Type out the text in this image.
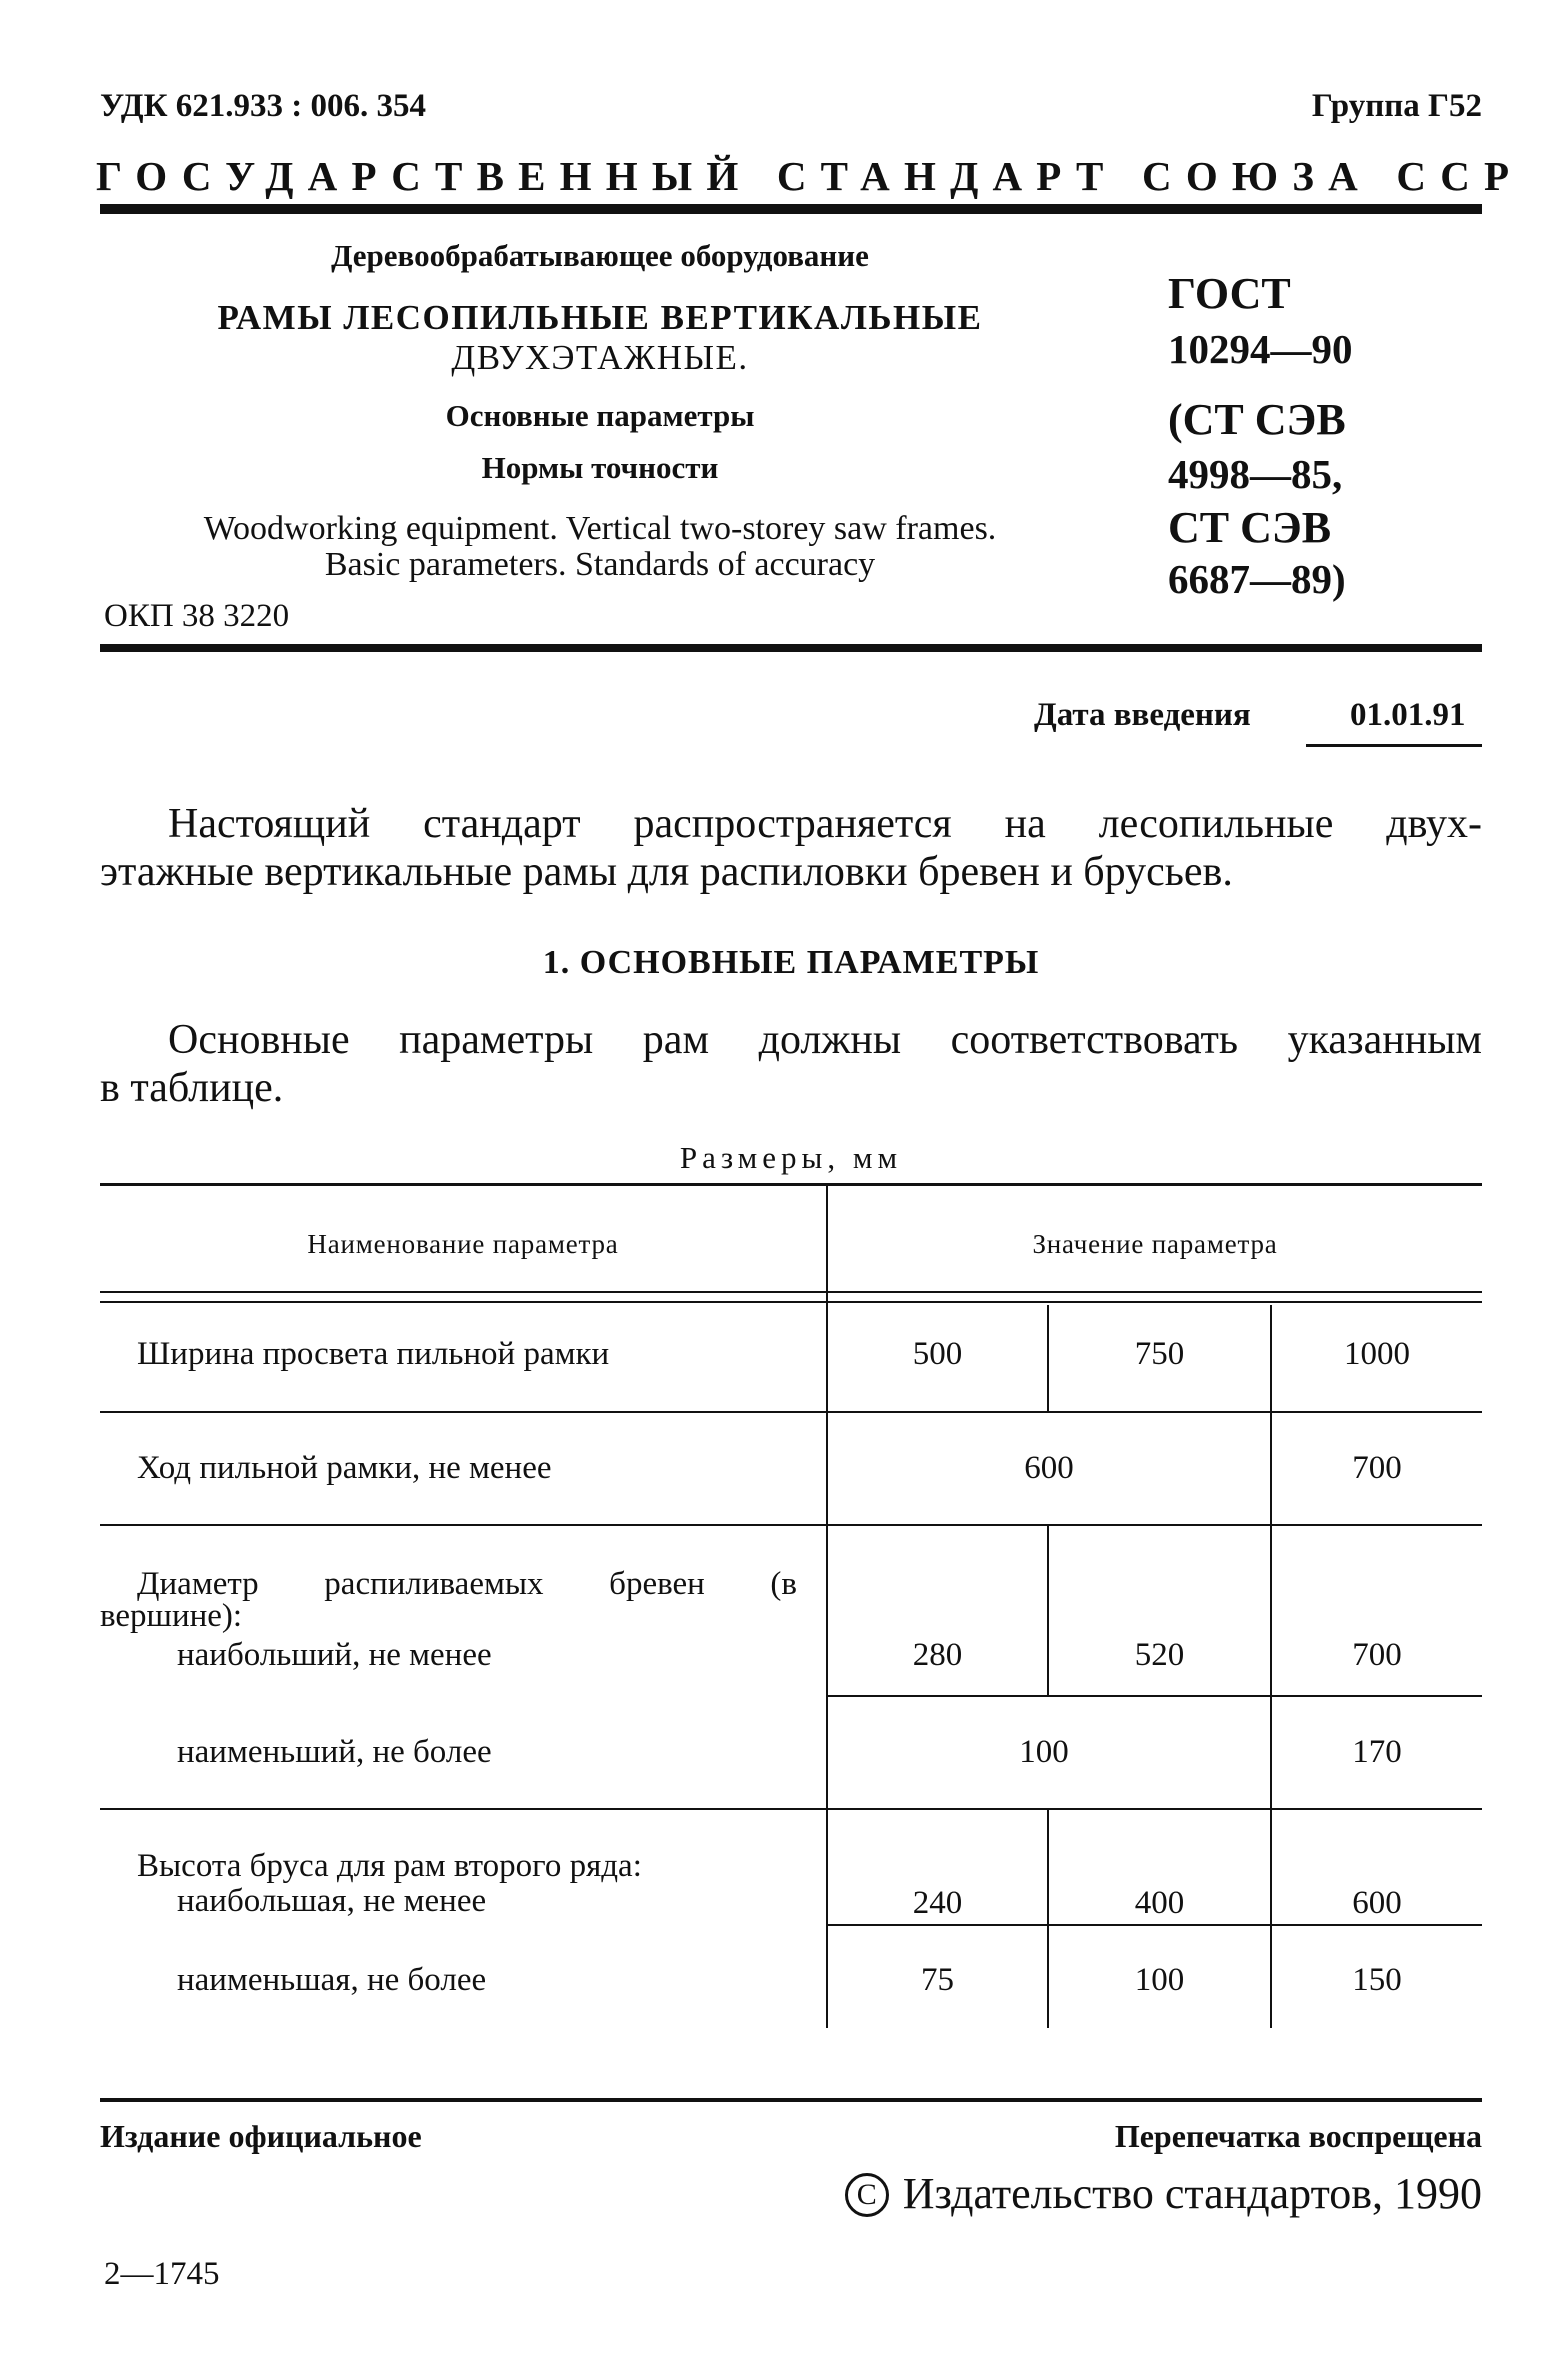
УДК 621.933 : 006. 354	Группа Г52
ГОСУДАРСТВЕННЫЙ СТАНДАРТ СОЮЗА ССР
Деревообрабатывающее оборудование
РАМЫ ЛЕСОПИЛЬНЫЕ ВЕРТИКАЛЬНЫЕ
ДВУХЭТАЖНЫЕ.
Основные параметры
Нормы точности
Woodworking equipment. Vertical two-storey saw frames.
Basic parameters. Standards of accuracy
ОКП 38 3220
ГОСТ
10294—90
(СТ СЭВ
4998—85,
СТ СЭВ
6687—89)
Дата введения	01.01.91
Настоящий стандарт распространяется на лесопильные двух-
этажные вертикальные рамы для распиловки бревен и брусьев.
1. ОСНОВНЫЕ ПАРАМЕТРЫ
Основные параметры рам должны соответствовать указанным
в таблице.
Размеры, мм
Наименование параметра	Значение параметра
Ширина просвета пильной рамки	500	750	1000
Ход пильной рамки, не менее	600	700
Диаметр распиливаемых бревен (в
вершине):
наибольший, не менее	280	520	700
наименьший, не более	100	170
Высота бруса для рам второго ряда:
наибольшая, не менее	240	400	600
наименьшая, не более	75	100	150
Издание официальное	Перепечатка воспрещена
C Издательство стандартов, 1990
2—1745
